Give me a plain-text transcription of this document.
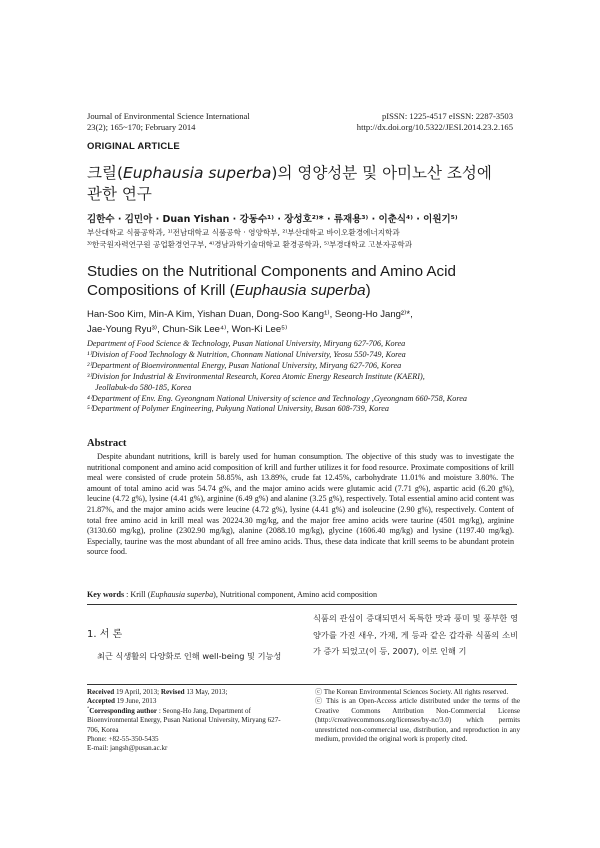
Journal of Environmental Science International
23(2); 165~170; February 2014
pISSN: 1225-4517 eISSN: 2287-3503
http://dx.doi.org/10.5322/JESI.2014.23.2.165
ORIGINAL ARTICLE
크릴(Euphausia superba)의 영양성분 및 아미노산 조성에
관한 연구
김한수 · 김민아 · Duan Yishan · 강동수¹⁾ · 장성호²⁾* · 류재용³⁾ · 이춘식⁴⁾ · 이원기⁵⁾
부산대학교 식품공학과, ¹⁾전남대학교 식품공학 · 영양학부, ²⁾부산대학교 바이오환경에너지학과
³⁾한국원자력연구원 공업환경연구부, ⁴⁾경남과학기술대학교 환경공학과, ⁵⁾부경대학교 고분자공학과
Studies on the Nutritional Components and Amino Acid
Compositions of Krill (Euphausia superba)
Han-Soo Kim, Min-A Kim, Yishan Duan, Dong-Soo Kang¹⁾, Seong-Ho Jang²⁾*,
Jae-Young Ryu³⁾, Chun-Sik Lee⁴⁾, Won-Ki Lee⁵⁾
Department of Food Science & Technology, Pusan National University, Miryang 627-706, Korea
¹⁾Division of Food Technology & Nutrition, Chonnam National University, Yeosu 550-749, Korea
²⁾Department of Bioenvironmental Energy, Pusan National University, Miryang 627-706, Korea
³⁾Division for Industrial & Environmental Research, Korea Atomic Energy Research Institute (KAERI),
Jeollabuk-do 580-185, Korea
⁴⁾Department of Env. Eng. Gyeongnam National University of science and Technology ,Gyeongnam 660-758, Korea
⁵⁾Department of Polymer Engineering, Pukyung National University, Busan 608-739, Korea
Abstract
Despite abundant nutritions, krill is barely used for human consumption. The objective of this study was to investigate the nutritional component and amino acid composition of krill and further utilizes it for food resource. Proximate compositions of krill meal were consisted of crude protein 58.85%, ash 13.89%, crude fat 12.45%, carbohydrate 11.01% and moisture 3.80%. The amount of total amino acid was 54.74 g%, and the major amino acids were glutamic acid (7.71 g%), aspartic acid (6.20 g%), leucine (4.72 g%), lysine (4.41 g%), arginine (6.49 g%) and alanine (3.25 g%), respectively. Total essential amino acid content was 21.87%, and the major amino acids were leucine (4.72 g%), lysine (4.41 g%) and isoleucine (2.90 g%), respectively. Content of total free amino acid in krill meal was 20224.30 mg/kg, and the major free amino acids were taurine (4501 mg/kg), arginine (3130.60 mg/kg), proline (2302.90 mg/kg), alanine (2088.10 mg/kg), glycine (1606.40 mg/kg) and lysine (1197.40 mg/kg). Especially, taurine was the most abundant of all free amino acids. Thus, these data indicate that krill seems to be abundant protein source food.
Key words : Krill (Euphausia superba), Nutritional component, Amino acid composition
1. 서 론
최근 식생활의 다양화로 인해 well-being 및 기능성
식품의 관심이 증대되면서 독특한 맛과 풍미 및 풍부한 영양가를 가진 새우, 가재, 게 등과 같은 갑각류 식품의 소비가 증가 되었고(이 등, 2007), 이로 인해 기
Received 19 April, 2013; Revised 13 May, 2013;
Accepted 19 June, 2013
*Corresponding author : Seong-Ho Jang, Department of Bioenvironmental Energy, Pusan National University, Miryang 627-706, Korea
Phone: +82-55-350-5435
E-mail: jangsh@pusan.ac.kr
ⓒ The Korean Environmental Sciences Society. All rights reserved.
ⓒ This is an Open-Access article distributed under the terms of the Creative Commons Attribution Non-Commercial License (http://creativecommons.org/licenses/by-nc/3.0) which permits unrestricted non-commercial use, distribution, and reproduction in any medium, provided the original work is properly cited.
